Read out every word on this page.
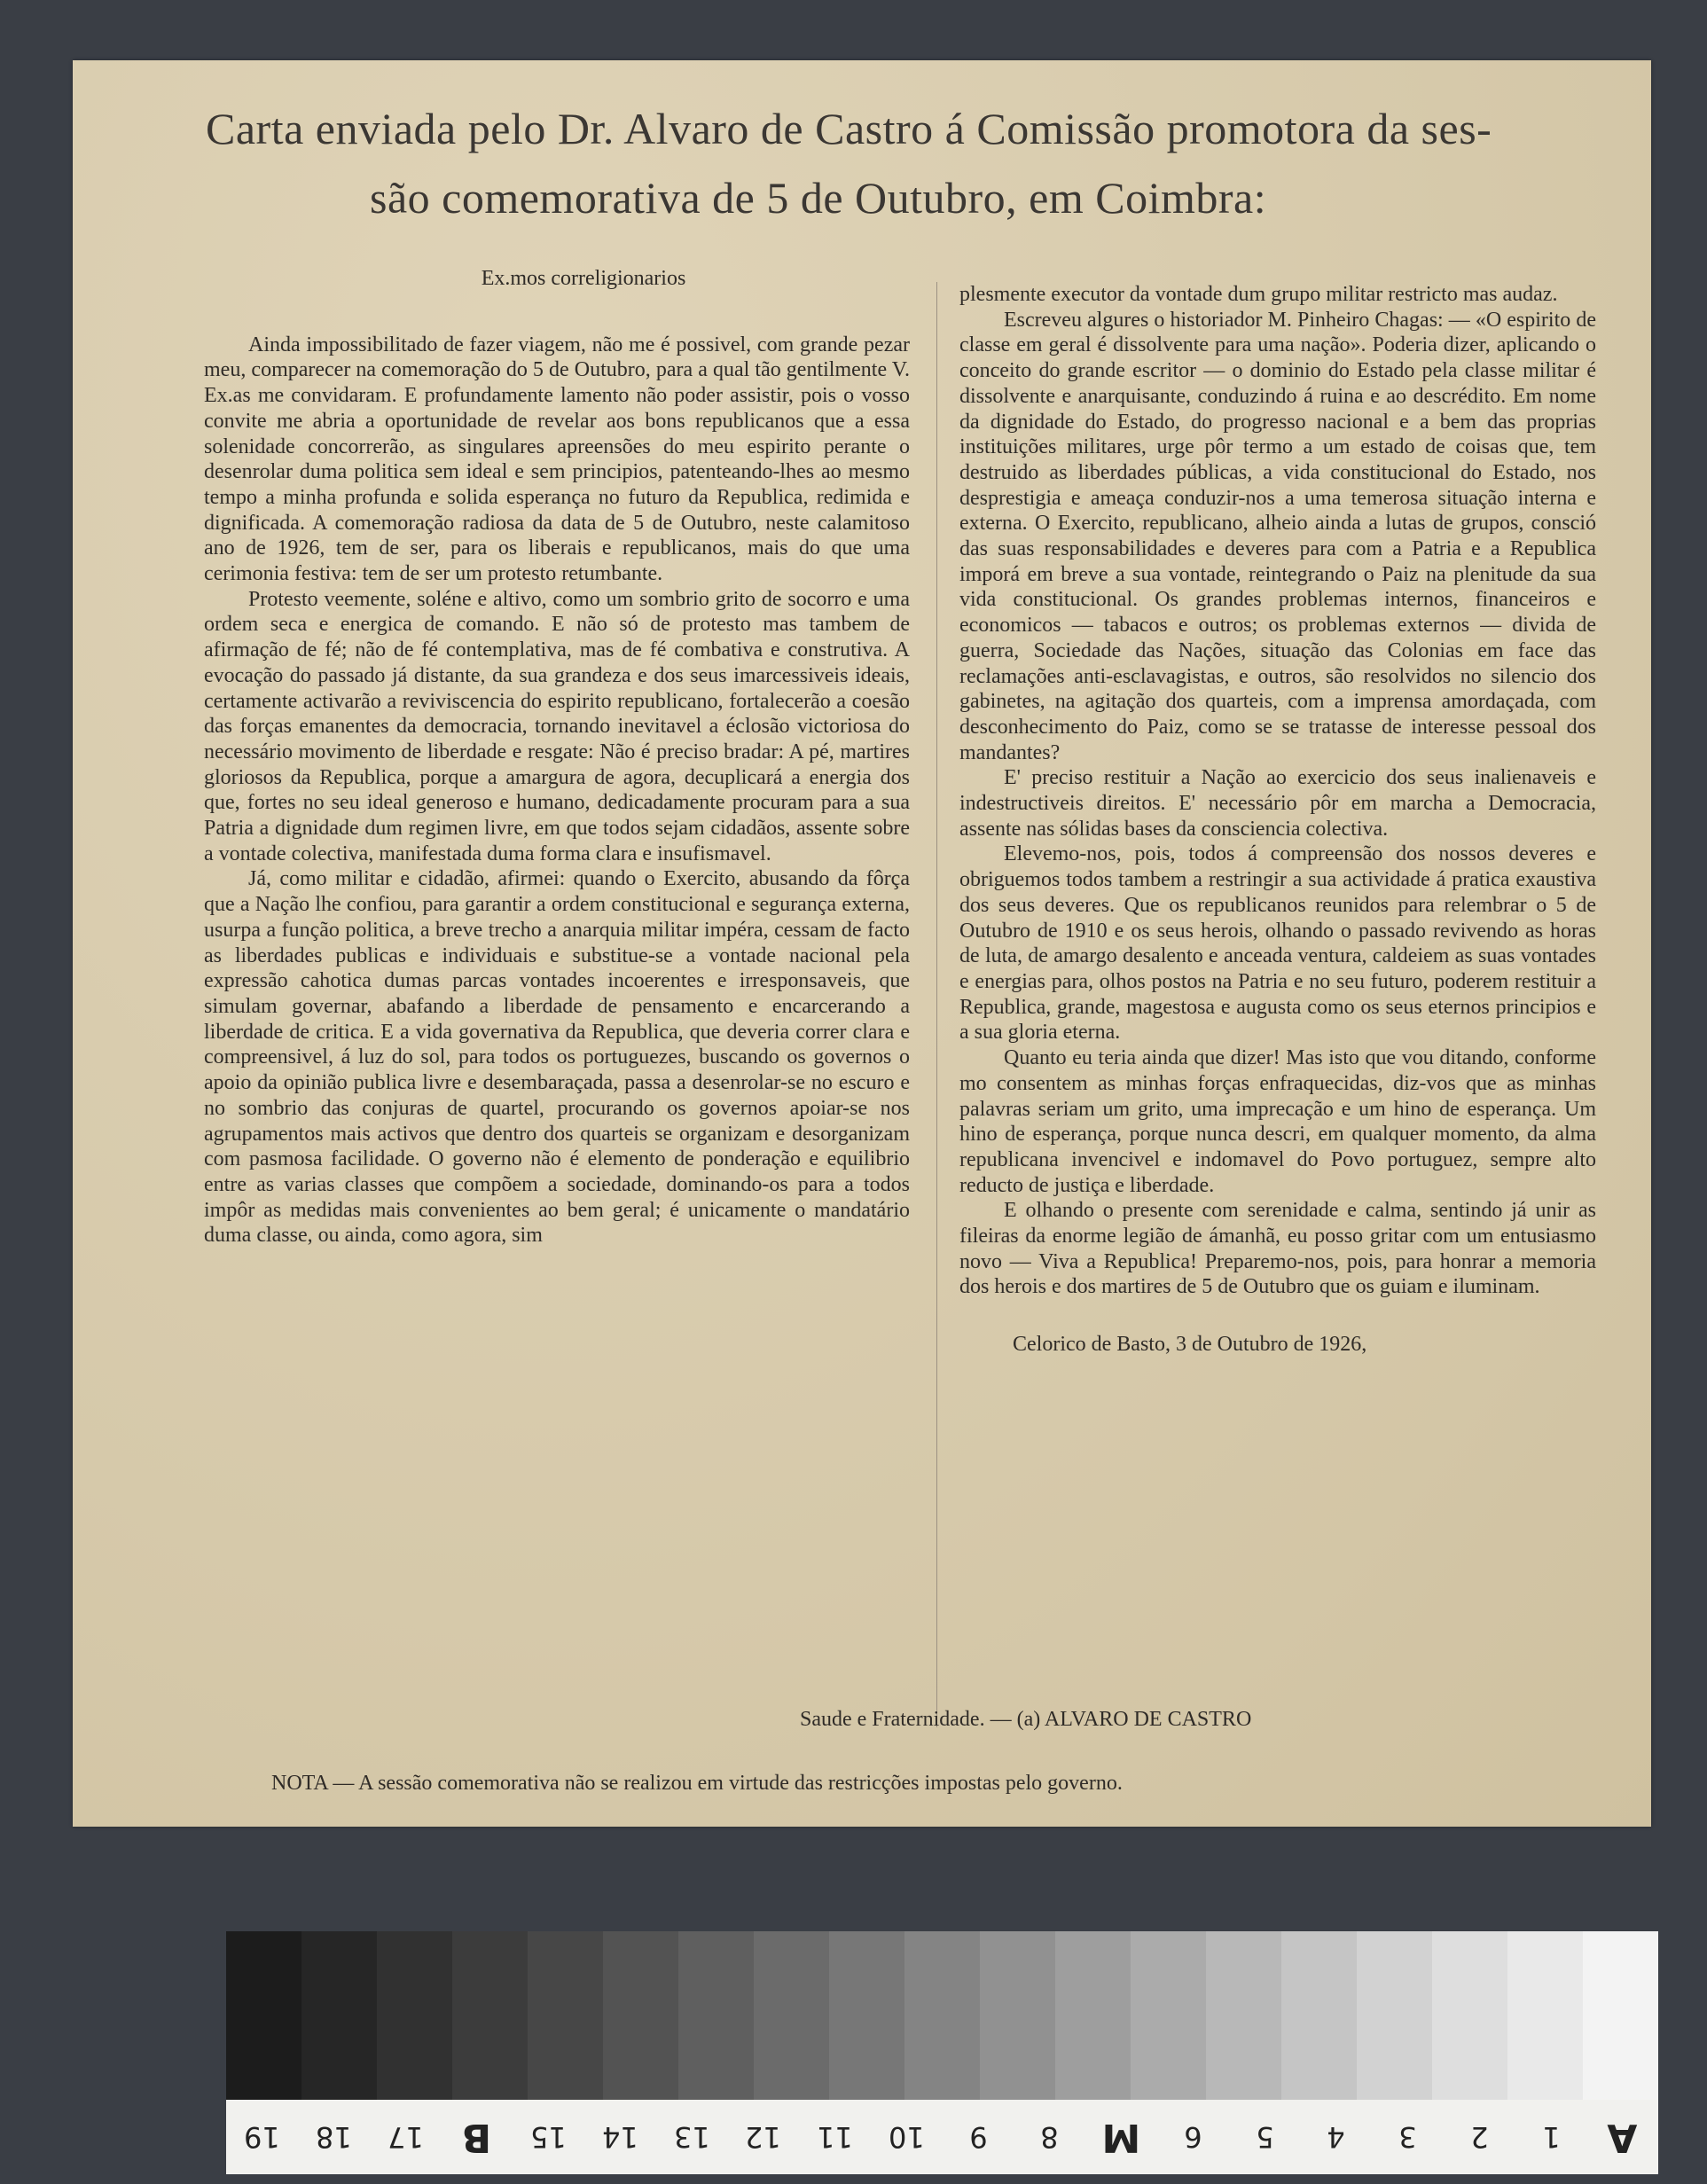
Carta enviada pelo Dr. Alvaro de Castro á Comissão promotora da ses-
são comemorativa de 5 de Outubro, em Coimbra:

Ex.mos correligionarios

Ainda impossibilitado de fazer viagem, não me é possivel, com grande pezar meu, comparecer na comemoração do 5 de Outubro, para a qual tão gentilmente V. Ex.as me convidaram. E profundamente lamento não poder assistir, pois o vosso convite me abria a oportunidade de revelar aos bons republicanos que a essa solenidade concorrerão, as singulares apreensões do meu espirito perante o desenrolar duma politica sem ideal e sem principios, patenteando-lhes ao mesmo tempo a minha profunda e solida esperança no futuro da Republica, redimida e dignificada. A comemoração radiosa da data de 5 de Outubro, neste calamitoso ano de 1926, tem de ser, para os liberais e republicanos, mais do que uma cerimonia festiva: tem de ser um protesto retumbante.

Protesto veemente, soléne e altivo, como um sombrio grito de socorro e uma ordem seca e energica de comando. E não só de protesto mas tambem de afirmação de fé; não de fé contemplativa, mas de fé combativa e construtiva. A evocação do passado já distante, da sua grandeza e dos seus imarcessiveis ideais, certamente activarão a reviviscencia do espirito republicano, fortalecerão a coesão das forças emanentes da democracia, tornando inevitavel a éclosão victoriosa do necessário movimento de liberdade e resgate: Não é preciso bradar: A pé, martires gloriosos da Republica, porque a amargura de agora, decuplicará a energia dos que, fortes no seu ideal generoso e humano, dedicadamente procuram para a sua Patria a dignidade dum regimen livre, em que todos sejam cidadãos, assente sobre a vontade colectiva, manifestada duma forma clara e insufismavel.

Já, como militar e cidadão, afirmei: quando o Exercito, abusando da fôrça que a Nação lhe confiou, para garantir a ordem constitucional e segurança externa, usurpa a função politica, a breve trecho a anarquia militar impéra, cessam de facto as liberdades publicas e individuais e substitue-se a vontade nacional pela expressão cahotica dumas parcas vontades incoerentes e irresponsaveis, que simulam governar, abafando a liberdade de pensamento e encarcerando a liberdade de critica. E a vida governativa da Republica, que deveria correr clara e compreensivel, á luz do sol, para todos os portuguezes, buscando os governos o apoio da opinião publica livre e desembaraçada, passa a desenrolar-se no escuro e no sombrio das conjuras de quartel, procurando os governos apoiar-se nos agrupamentos mais activos que dentro dos quarteis se organizam e desorganizam com pasmosa facilidade. O governo não é elemento de ponderação e equilibrio entre as varias classes que compõem a sociedade, dominando-os para a todos impôr as medidas mais convenientes ao bem geral; é unicamente o mandatário duma classe, ou ainda, como agora, sim

plesmente executor da vontade dum grupo militar restricto mas audaz.

Escreveu algures o historiador M. Pinheiro Chagas: — «O espirito de classe em geral é dissolvente para uma nação». Poderia dizer, aplicando o conceito do grande escritor — o dominio do Estado pela classe militar é dissolvente e anarquisante, conduzindo á ruina e ao descrédito. Em nome da dignidade do Estado, do progresso nacional e a bem das proprias instituições militares, urge pôr termo a um estado de coisas que, tem destruido as liberdades públicas, a vida constitucional do Estado, nos desprestigia e ameaça conduzir-nos a uma temerosa situação interna e externa. O Exercito, republicano, alheio ainda a lutas de grupos, consció das suas responsabilidades e deveres para com a Patria e a Republica imporá em breve a sua vontade, reintegrando o Paiz na plenitude da sua vida constitucional. Os grandes problemas internos, financeiros e economicos — tabacos e outros; os problemas externos — divida de guerra, Sociedade das Nações, situação das Colonias em face das reclamações anti-esclavagistas, e outros, são resolvidos no silencio dos gabinetes, na agitação dos quarteis, com a imprensa amordaçada, com desconhecimento do Paiz, como se se tratasse de interesse pessoal dos mandantes?

E' preciso restituir a Nação ao exercicio dos seus inalienaveis e indestructiveis direitos. E' necessário pôr em marcha a Democracia, assente nas sólidas bases da consciencia colectiva.

Elevemo-nos, pois, todos á compreensão dos nossos deveres e obriguemos todos tambem a restringir a sua actividade á pratica exaustiva dos seus deveres. Que os republicanos reunidos para relembrar o 5 de Outubro de 1910 e os seus herois, olhando o passado revivendo as horas de luta, de amargo desalento e anceada ventura, caldeiem as suas vontades e energias para, olhos postos na Patria e no seu futuro, poderem restituir a Republica, grande, magestosa e augusta como os seus eternos principios e a sua gloria eterna.

Quanto eu teria ainda que dizer! Mas isto que vou ditando, conforme mo consentem as minhas forças enfraquecidas, diz-vos que as minhas palavras seriam um grito, uma imprecação e um hino de esperança. Um hino de esperança, porque nunca descri, em qualquer momento, da alma republicana invencivel e indomavel do Povo portuguez, sempre alto reducto de justiça e liberdade.

E olhando o presente com serenidade e calma, sentindo já unir as fileiras da enorme legião de ámanhã, eu posso gritar com um entusiasmo novo — Viva a Republica! Preparemo-nos, pois, para honrar a memoria dos herois e dos martires de 5 de Outubro que os guiam e iluminam.

Celorico de Basto, 3 de Outubro de 1926,

Saude e Fraternidade. — (a) ALVARO DE CASTRO
NOTA — A sessão comemorativa não se realizou em virtude das restricções impostas pelo governo.
19	18	17 B	15	14	13	12	11	10	9	8	M	6	5	4	3	2	1	A
